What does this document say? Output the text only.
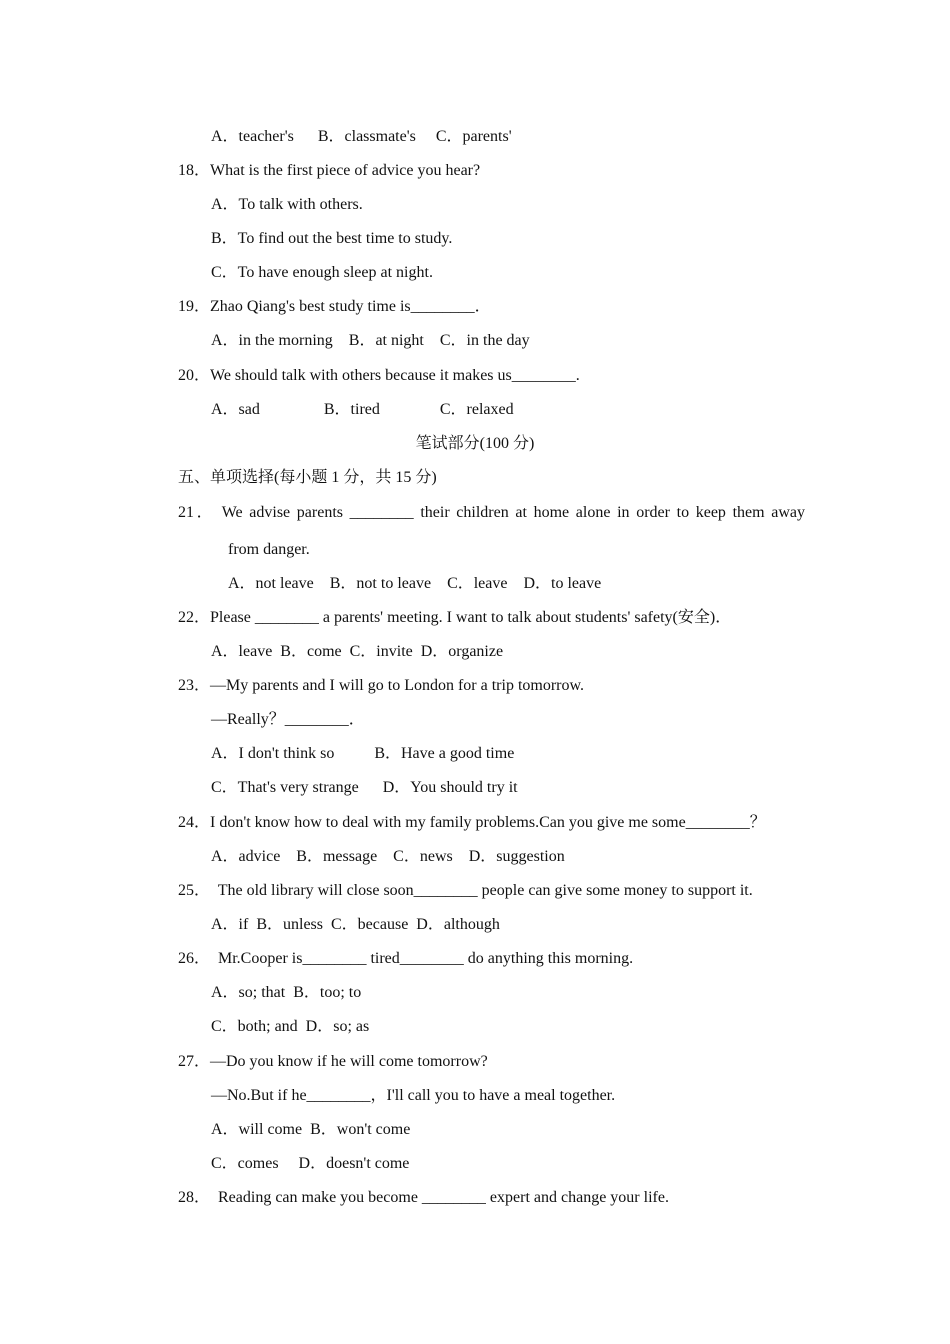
A．teacher's      B．classmate's     C．parents'
18．What is the first piece of advice you hear?
A．To talk with others.
B．To find out the best time to study.
C．To have enough sleep at night.
19．Zhao Qiang's best study time is________．
A．in the morning    B．at night    C．in the day
20．We should talk with others because it makes us________.
A．sad                B．tired               C．relaxed
笔试部分(100 分)
五、单项选择(每小题 1 分，共 15 分)
21． We advise parents ________ their children at home alone in order to keep them away
from danger.
A．not leave    B．not to leave    C．leave    D．to leave
22．Please ________ a parents' meeting. I want to talk about students' safety(安全)．
A．leave  B．come  C．invite  D．organize
23．—My parents and I will go to London for a trip tomorrow.
—Really？________．
A．I don't think so          B．Have a good time
C．That's very strange      D．You should try it
24．I don't know how to deal with my family problems.Can you give me some________？
A．advice    B．message    C．news    D．suggestion
25．  The old library will close soon________ people can give some money to support it.
A．if  B．unless  C．because  D．although
26．  Mr.Cooper is________ tired________ do anything this morning.
A．so; that  B．too; to
C．both; and  D．so; as
27．—Do you know if he will come tomorrow?
—No.But if he________，I'll call you to have a meal together.
A．will come  B．won't come
C．comes     D．doesn't come
28．  Reading can make you become ________ expert and change your life.
